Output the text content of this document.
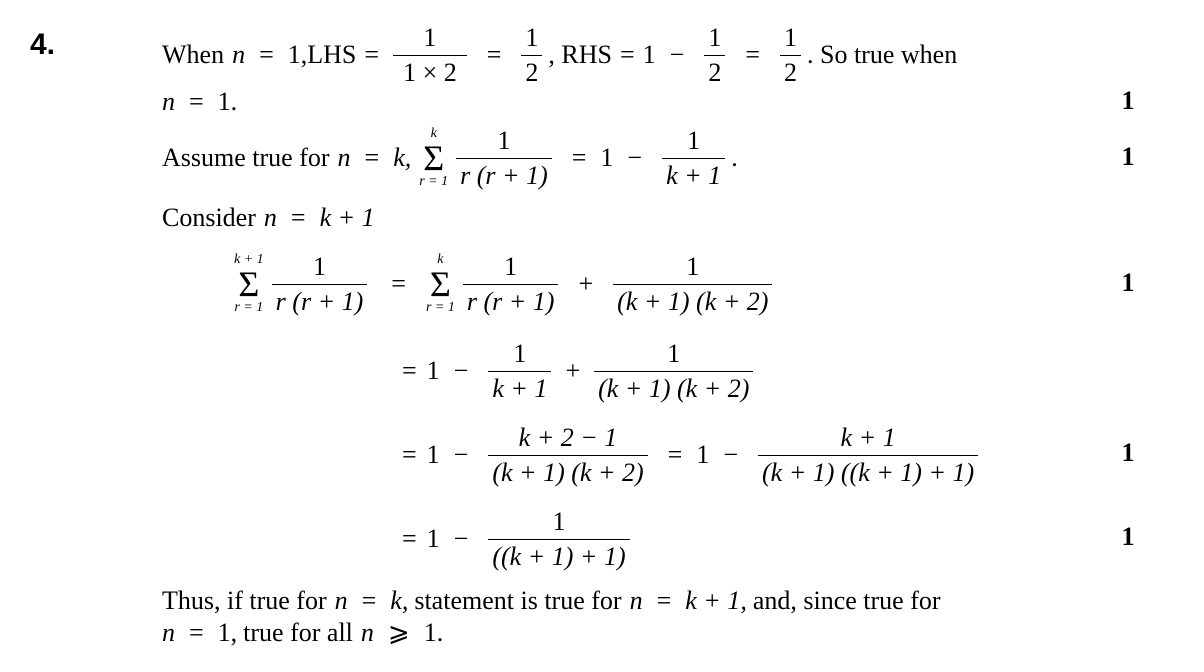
4.	When n = 1, LHS = $\frac{1}{1 \times 2} = \frac{1}{2}$ , RHS = $1 - \frac{1}{2} = \frac{1}{2}$ . So true when
n = 1.	1
Assume true for n = k,
k
Σ
$r = 1 \frac{1}{r (r + 1)} = 1 - \frac{1}{k + 1}$ .	1
Consider n = k + 1
k + 1
Σ
$r = 1 \frac{1}{r (r + 1)}$ =
k
Σ
$r = 1 \frac{1}{r (r + 1)} + \frac{1}{(k + 1) (k + 2)}$	1
= $1 - \frac{1}{k + 1} + \frac{1}{(k + 1) (k + 2)}$
= $1 - \frac{k + 2 - 1}{(k + 1) (k + 2)} = 1 - \frac{k + 1}{(k + 1) ((k + 1) + 1)}$	1
= $1 - \frac{1}{((k + 1) + 1)}$	1
Thus, if true for n = k, statement is true for n = k + 1, and, since true for
n = 1, true for all n ⩾ 1.
